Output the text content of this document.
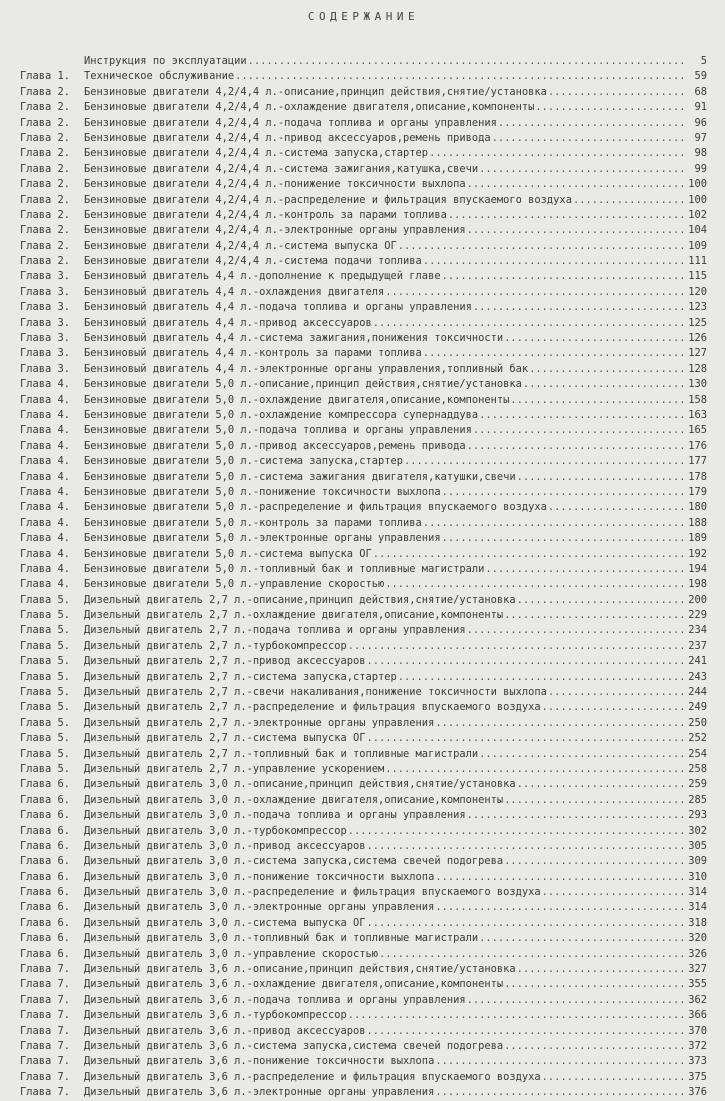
СОДЕРЖАНИЕ
Инструкция по эксплуатации .....	5
Глава 1.	Техническое обслуживание .....	59
Глава 2.	Бензиновые двигатели 4,2/4,4 л.-описание,принцип действия,снятие/установка .....	68
Глава 2.	Бензиновые двигатели 4,2/4,4 л.-охлаждение двигателя,описание,компоненты .....	91
Глава 2.	Бензиновые двигатели 4,2/4,4 л.-подача топлива и органы управления .....	96
Глава 2.	Бензиновые двигатели 4,2/4,4 л.-привод аксессуаров,ремень привода .....	97
Глава 2.	Бензиновые двигатели 4,2/4,4 л.-система запуска,стартер .....	98
Глава 2.	Бензиновые двигатели 4,2/4,4 л.-система зажигания,катушка,свечи .....	99
Глава 2.	Бензиновые двигатели 4,2/4,4 л.-понижение токсичности выхлопа .....	100
Глава 2.	Бензиновые двигатели 4,2/4,4 л.-распределение и фильтрация впускаемого воздуха .....	100
Глава 2.	Бензиновые двигатели 4,2/4,4 л.-контроль за парами топлива .....	102
Глава 2.	Бензиновые двигатели 4,2/4,4 л.-электронные органы управления .....	104
Глава 2.	Бензиновые двигатели 4,2/4,4 л.-система выпуска ОГ .....	109
Глава 2.	Бензиновые двигатели 4,2/4,4 л.-система подачи топлива .....	111
Глава 3.	Бензиновый двигатель 4,4 л.-дополнение к предыдущей главе .....	115
Глава 3.	Бензиновый двигатель 4,4 л.-охлаждения двигателя .....	120
Глава 3.	Бензиновый двигатель 4,4 л.-подача топлива и органы управления .....	123
Глава 3.	Бензиновый двигатель 4,4 л.-привод аксессуаров .....	125
Глава 3.	Бензиновый двигатель 4,4 л.-система зажигания,понижения токсичности .....	126
Глава 3.	Бензиновый двигатель 4,4 л.-контроль за парами топлива .....	127
Глава 3.	Бензиновый двигатель 4,4 л.-электронные органы управления,топливный бак .....	128
Глава 4.	Бензиновые двигатели 5,0 л.-описание,принцип действия,снятие/установка .....	130
Глава 4.	Бензиновые двигатели 5,0 л.-охлаждение двигателя,описание,компоненты .....	158
Глава 4.	Бензиновые двигатели 5,0 л.-охлаждение компрессора супернаддува .....	163
Глава 4.	Бензиновые двигатели 5,0 л.-подача топлива и органы управления .....	165
Глава 4.	Бензиновые двигатели 5,0 л.-привод аксессуаров,ремень привода .....	176
Глава 4.	Бензиновые двигатели 5,0 л.-система запуска,стартер .....	177
Глава 4.	Бензиновые двигатели 5,0 л.-система зажигания двигателя,катушки,свечи .....	178
Глава 4.	Бензиновые двигатели 5,0 л.-понижение токсичности выхлопа .....	179
Глава 4.	Бензиновые двигатели 5,0 л.-распределение и фильтрация впускаемого воздуха .....	180
Глава 4.	Бензиновые двигатели 5,0 л.-контроль за парами топлива .....	188
Глава 4.	Бензиновые двигатели 5,0 л.-электронные органы управления .....	189
Глава 4.	Бензиновые двигатели 5,0 л.-система выпуска ОГ .....	192
Глава 4.	Бензиновые двигатели 5,0 л.-топливный бак и топливные магистрали .....	194
Глава 4.	Бензиновые двигатели 5,0 л.-управление скоростью .....	198
Глава 5.	Дизельный двигатель 2,7 л.-описание,принцип действия,снятие/установка .....	200
Глава 5.	Дизельный двигатель 2,7 л.-охлаждение двигателя,описание,компоненты .....	229
Глава 5.	Дизельный двигатель 2,7 л.-подача топлива и органы управления .....	234
Глава 5.	Дизельный двигатель 2,7 л.-турбокомпрессор .....	237
Глава 5.	Дизельный двигатель 2,7 л.-привод аксессуаров .....	241
Глава 5.	Дизельный двигатель 2,7 л.-система запуска,стартер .....	243
Глава 5.	Дизельный двигатель 2,7 л.-свечи накаливания,понижение токсичности выхлопа .....	244
Глава 5.	Дизельный двигатель 2,7 л.-распределение и фильтрация впускаемого воздуха .....	249
Глава 5.	Дизельный двигатель 2,7 л.-электронные органы управления .....	250
Глава 5.	Дизельный двигатель 2,7 л.-система выпуска ОГ .....	252
Глава 5.	Дизельный двигатель 2,7 л.-топливный бак и топливные магистрали .....	254
Глава 5.	Дизельный двигатель 2,7 л.-управление ускорением .....	258
Глава 6.	Дизельный двигатель 3,0 л.-описание,принцип действия,снятие/установка .....	259
Глава 6.	Дизельный двигатель 3,0 л.-охлаждение двигателя,описание,компоненты .....	285
Глава 6.	Дизельный двигатель 3,0 л.-подача топлива и органы управления .....	293
Глава 6.	Дизельный двигатель 3,0 л.-турбокомпрессор .....	302
Глава 6.	Дизельный двигатель 3,0 л.-привод аксессуаров .....	305
Глава 6.	Дизельный двигатель 3,0 л.-система запуска,система свечей подогрева .....	309
Глава 6.	Дизельный двигатель 3,0 л.-понижение токсичности выхлопа .....	310
Глава 6.	Дизельный двигатель 3,0 л.-распределение и фильтрация впускаемого воздуха .....	314
Глава 6.	Дизельный двигатель 3,0 л.-электронные органы управления .....	314
Глава 6.	Дизельный двигатель 3,0 л.-система выпуска ОГ .....	318
Глава 6.	Дизельный двигатель 3,0 л.-топливный бак и топливные магистрали .....	320
Глава 6.	Дизельный двигатель 3,0 л.-управление скоростью .....	326
Глава 7.	Дизельный двигатель 3,6 л.-описание,принцип действия,снятие/установка .....	327
Глава 7.	Дизельный двигатель 3,6 л.-охлаждение двигателя,описание,компоненты .....	355
Глава 7.	Дизельный двигатель 3,6 л.-подача топлива и органы управления .....	362
Глава 7.	Дизельный двигатель 3,6 л.-турбокомпрессор .....	366
Глава 7.	Дизельный двигатель 3,6 л.-привод аксессуаров .....	370
Глава 7.	Дизельный двигатель 3,6 л.-система запуска,система свечей подогрева .....	372
Глава 7.	Дизельный двигатель 3,6 л.-понижение токсичности выхлопа .....	373
Глава 7.	Дизельный двигатель 3,6 л.-распределение и фильтрация впускаемого воздуха .....	375
Глава 7.	Дизельный двигатель 3,6 л.-электронные органы управления .....	376
